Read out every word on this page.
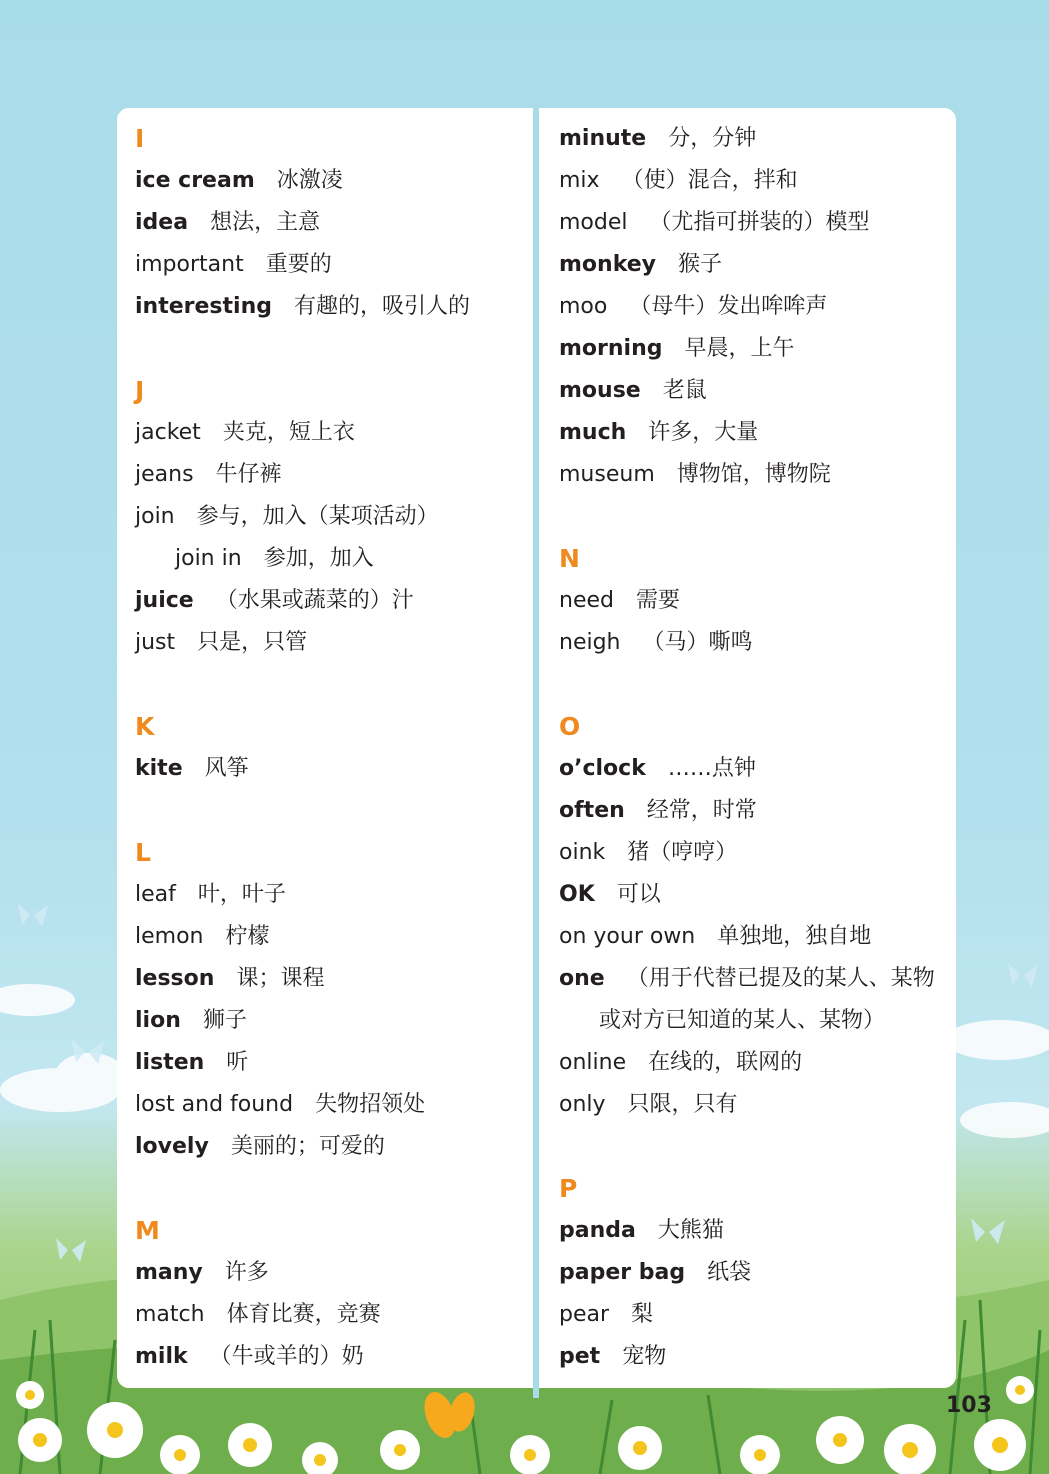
I
ice cream 冰激凌
idea 想法，主意
important 重要的
interesting 有趣的，吸引人的
J
jacket 夹克，短上衣
jeans 牛仔裤
join 参与，加入（某项活动）
join in 参加，加入
juice （水果或蔬菜的）汁
just 只是，只管
K
kite 风筝
L
leaf 叶，叶子
lemon 柠檬
lesson 课；课程
lion 狮子
listen 听
lost and found 失物招领处
lovely 美丽的；可爱的
M
many 许多
match 体育比赛，竞赛
milk （牛或羊的）奶
minute 分，分钟
mix （使）混合，拌和
model （尤指可拼装的）模型
monkey 猴子
moo （母牛）发出哞哞声
morning 早晨，上午
mouse 老鼠
much 许多，大量
museum 博物馆，博物院
N
need 需要
neigh （马）嘶鸣
O
o’clock ……点钟
often 经常，时常
oink 猪（哼哼）
OK 可以
on your own 单独地，独自地
one （用于代替已提及的某人、某物
或对方已知道的某人、某物）
online 在线的，联网的
only 只限，只有
P
panda 大熊猫
paper bag 纸袋
pear 梨
pet 宠物
103
